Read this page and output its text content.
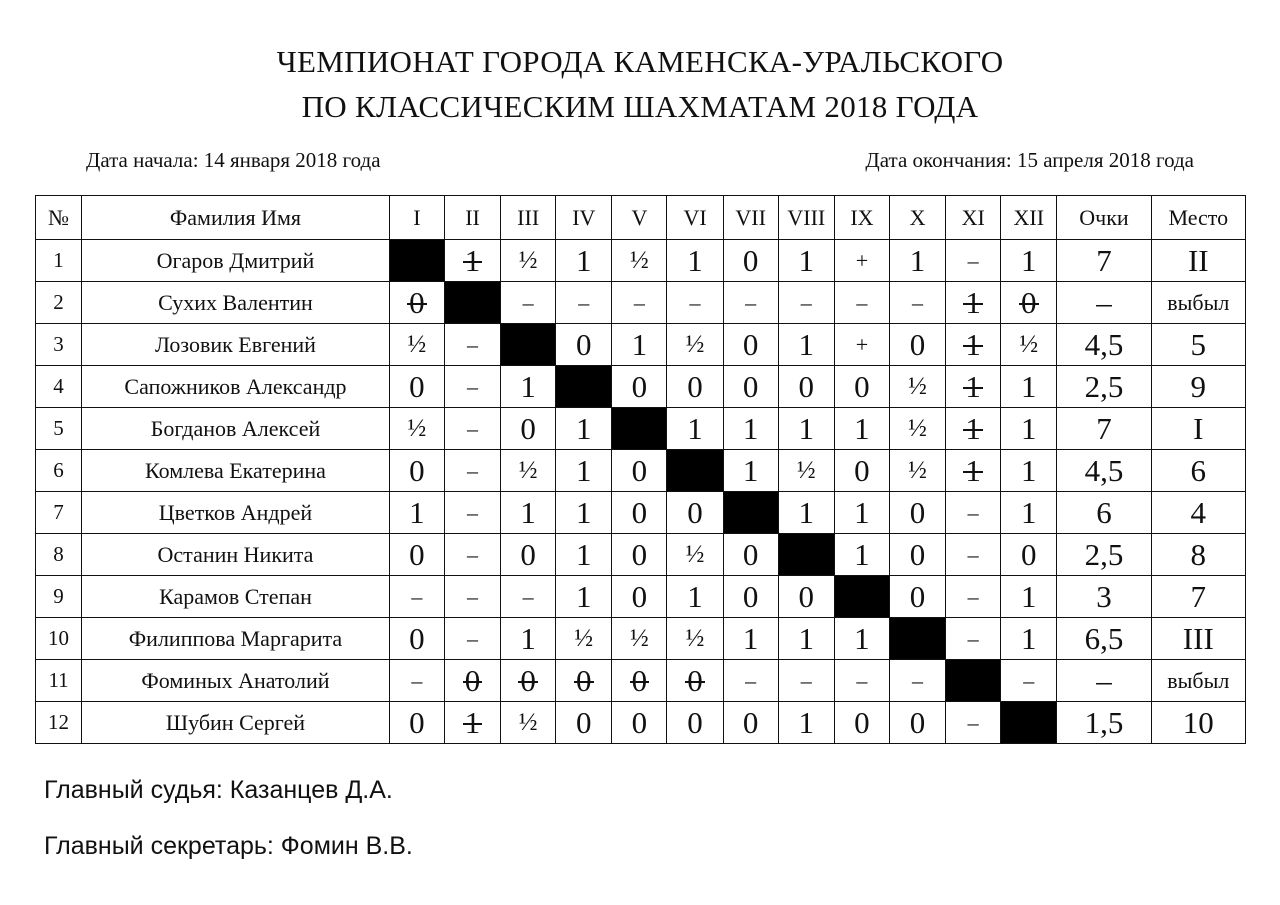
ЧЕМПИОНАТ ГОРОДА КАМЕНСКА-УРАЛЬСКОГО
ПО КЛАССИЧЕСКИМ ШАХМАТАМ 2018 ГОДА
Дата начала: 14 января 2018 года	Дата окончания: 15 апреля 2018 года
№	Фамилия Имя	I	II	III	IV	V	VI	VII	VIII	IX	X	XI	XII	Очки	Место
1	Огаров Дмитрий		1	½	1	½	1	0	1	+	1	–	1	7	II
2	Сухих Валентин	0		–	–	–	–	–	–	–	–	1	0	–	выбыл
3	Лозовик Евгений	½	–		0	1	½	0	1	+	0	1	½	4,5	5
4	Сапожников Александр	0	–	1		0	0	0	0	0	½	1	1	2,5	9
5	Богданов Алексей	½	–	0	1		1	1	1	1	½	1	1	7	I
6	Комлева Екатерина	0	–	½	1	0		1	½	0	½	1	1	4,5	6
7	Цветков Андрей	1	–	1	1	0	0		1	1	0	–	1	6	4
8	Останин Никита	0	–	0	1	0	½	0		1	0	–	0	2,5	8
9	Карамов Степан	–	–	–	1	0	1	0	0		0	–	1	3	7
10	Филиппова Маргарита	0	–	1	½	½	½	1	1	1		–	1	6,5	III
11	Фоминых Анатолий	–	0	0	0	0	0	–	–	–	–		–	–	выбыл
12	Шубин Сергей	0	1	½	0	0	0	0	1	0	0	–		1,5	10
Главный судья: Казанцев Д.А.
Главный секретарь: Фомин В.В.
